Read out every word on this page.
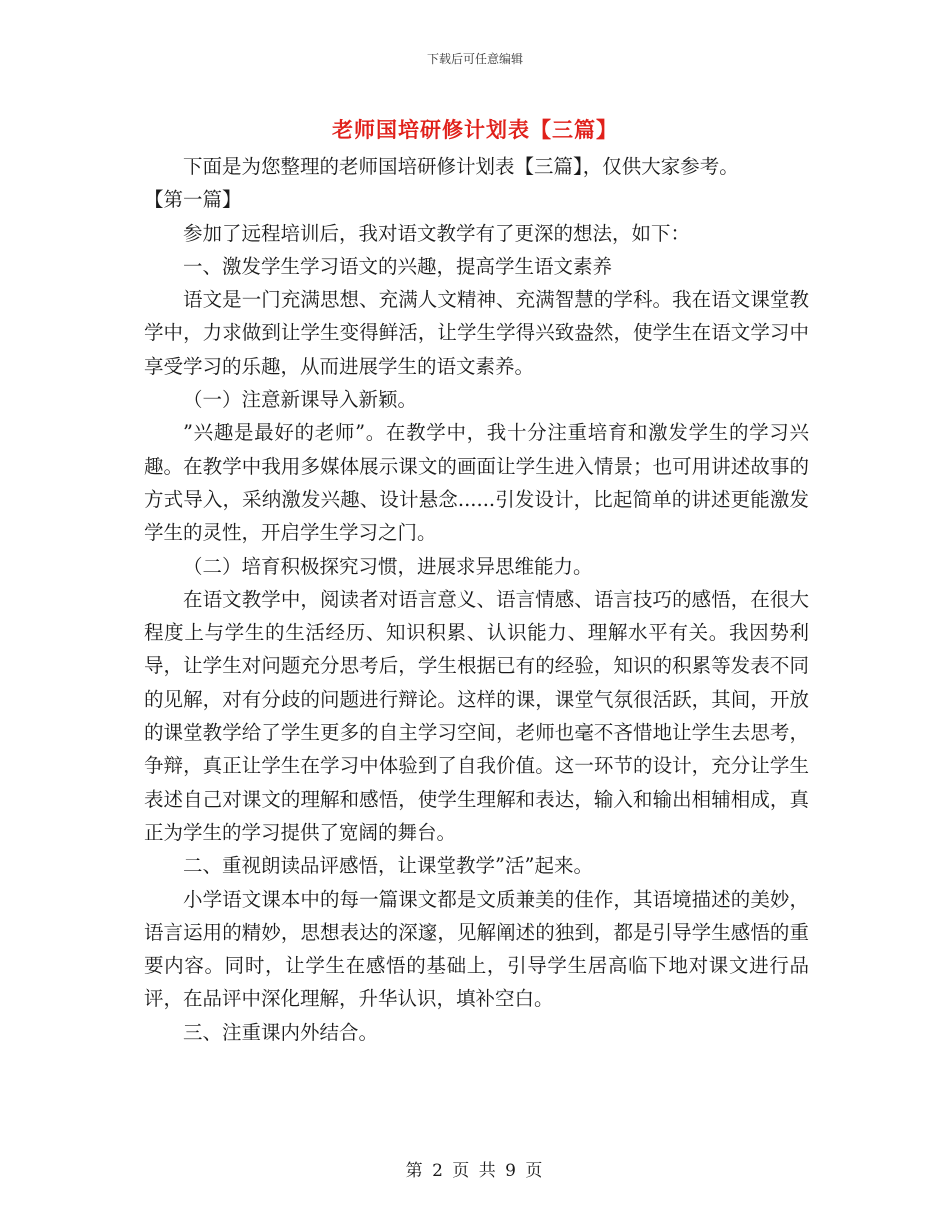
下载后可任意编辑
老师国培研修计划表【三篇】

下面是为您整理的老师国培研修计划表【三篇】，仅供大家参考。

【第一篇】

参加了远程培训后，我对语文教学有了更深的想法，如下：

一、激发学生学习语文的兴趣，提高学生语文素养

语文是一门充满思想、充满人文精神、充满智慧的学科。我在语文课堂教学中，力求做到让学生变得鲜活，让学生学得兴致盎然，使学生在语文学习中享受学习的乐趣，从而进展学生的语文素养。

（一）注意新课导入新颖。

”兴趣是最好的老师”。在教学中，我十分注重培育和激发学生的学习兴趣。在教学中我用多媒体展示课文的画面让学生进入情景；也可用讲述故事的方式导入，采纳激发兴趣、设计悬念......引发设计，比起简单的讲述更能激发学生的灵性，开启学生学习之门。

（二）培育积极探究习惯，进展求异思维能力。

在语文教学中，阅读者对语言意义、语言情感、语言技巧的感悟，在很大程度上与学生的生活经历、知识积累、认识能力、理解水平有关。我因势利导，让学生对问题充分思考后，学生根据已有的经验，知识的积累等发表不同的见解，对有分歧的问题进行辩论。这样的课，课堂气氛很活跃，其间，开放的课堂教学给了学生更多的自主学习空间，老师也毫不吝惜地让学生去思考，争辩，真正让学生在学习中体验到了自我价值。这一环节的设计，充分让学生表述自己对课文的理解和感悟，使学生理解和表达，输入和输出相辅相成，真正为学生的学习提供了宽阔的舞台。

二、重视朗读品评感悟，让课堂教学”活”起来。

小学语文课本中的每一篇课文都是文质兼美的佳作，其语境描述的美妙，语言运用的精妙，思想表达的深邃，见解阐述的独到，都是引导学生感悟的重要内容。同时，让学生在感悟的基础上，引导学生居高临下地对课文进行品评，在品评中深化理解，升华认识，填补空白。

三、注重课内外结合。

第 2 页 共 9 页
